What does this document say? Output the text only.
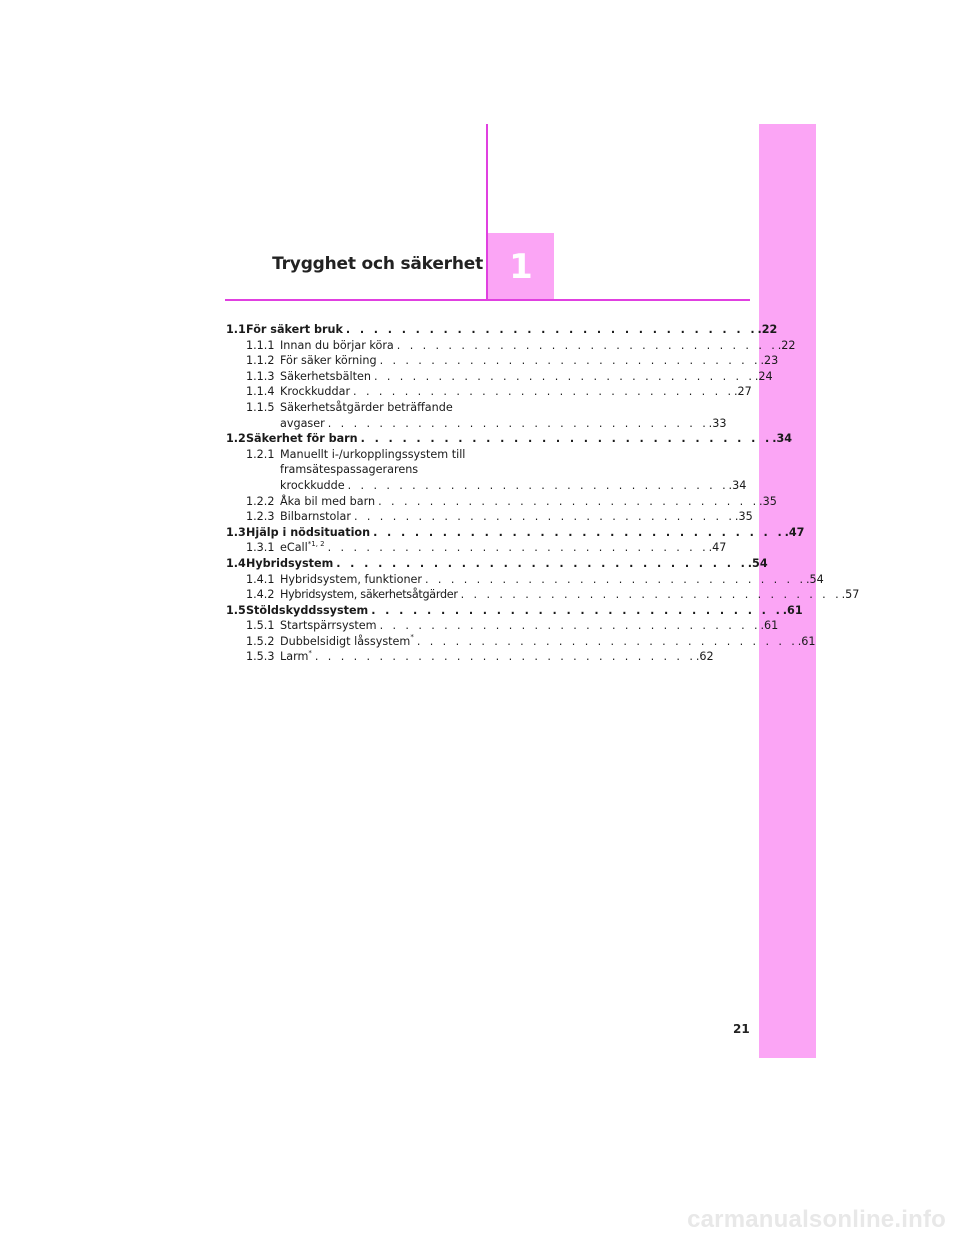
1
Trygghet och säkerhet
1.1 För säkert bruk . . . . . . . . . . . . . . . . . . . . . . . . . . . . . . .22
1.1.1 Innan du börjar köra . . . . . . . . . . . . . . . . . . . . . . . . . . . . . . .22
1.1.2 För säker körning . . . . . . . . . . . . . . . . . . . . . . . . . . . . . . .23
1.1.3 Säkerhetsbälten . . . . . . . . . . . . . . . . . . . . . . . . . . . . . . .24
1.1.4 Krockkuddar . . . . . . . . . . . . . . . . . . . . . . . . . . . . . . .27
1.1.5 Säkerhetsåtgärder beträffande
avgaser . . . . . . . . . . . . . . . . . . . . . . . . . . . . . . .33
1.2 Säkerhet för barn . . . . . . . . . . . . . . . . . . . . . . . . . . . . . . .34
1.2.1 Manuellt i-/urkopplingssystem till
framsätespassagerarens
krockkudde . . . . . . . . . . . . . . . . . . . . . . . . . . . . . . .34
1.2.2 Åka bil med barn . . . . . . . . . . . . . . . . . . . . . . . . . . . . . . .35
1.2.3 Bilbarnstolar . . . . . . . . . . . . . . . . . . . . . . . . . . . . . . .35
1.3 Hjälp i nödsituation . . . . . . . . . . . . . . . . . . . . . . . . . . . . . . .47
1.3.1 eCall$^{*1, 2}$ . . . . . . . . . . . . . . . . . . . . . . . . . . . . . . .47
1.4 Hybridsystem . . . . . . . . . . . . . . . . . . . . . . . . . . . . . . .54
1.4.1 Hybridsystem, funktioner . . . . . . . . . . . . . . . . . . . . . . . . . . . . . . .54
1.4.2 Hybridsystem, säkerhetsåtgärder . . . . . . . . . . . . . . . . . . . . . . . . . . . . . . .57
1.5 Stöldskyddssystem . . . . . . . . . . . . . . . . . . . . . . . . . . . . . . .61
1.5.1 Startspärrsystem . . . . . . . . . . . . . . . . . . . . . . . . . . . . . . .61
1.5.2 Dubbelsidigt låssystem* . . . . . . . . . . . . . . . . . . . . . . . . . . . . . . .61
1.5.3 Larm* . . . . . . . . . . . . . . . . . . . . . . . . . . . . . . .62
21
carmanualsonline.info
